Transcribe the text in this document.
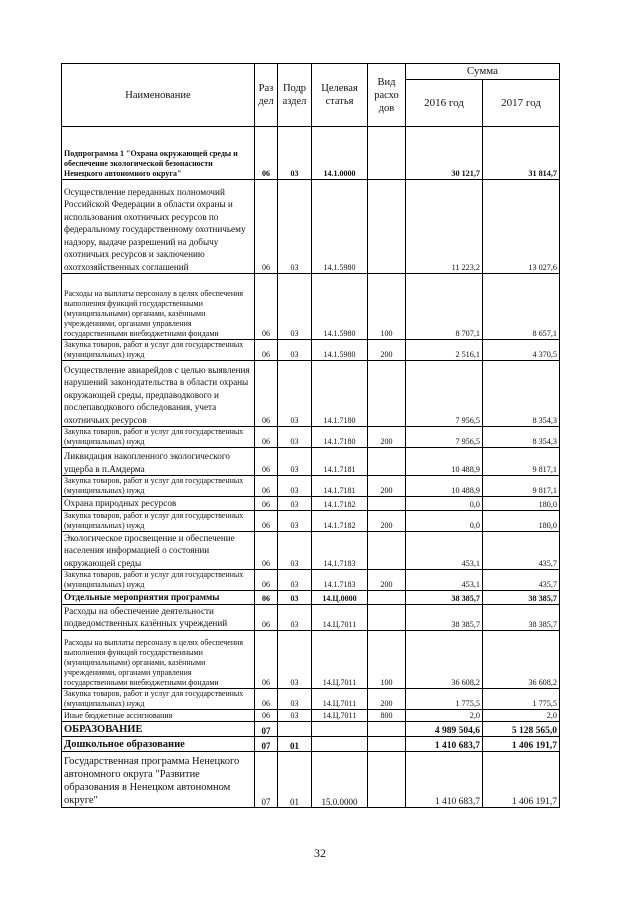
Наименование	Раз дел	Подр аздел	Целевая статья	Вид расхо дов	Сумма	
					2016 год	2017 год
Подпрограмма 1 "Охрана окружающей среды и обеспечение экологической безопасности Ненецкого автономного округа"	06	03	14.1.0000		30 121,7	31 814,7
Осуществление переданных полномочий Российской Федерации в области охраны и использования охотничьих ресурсов по федеральному государственному охотничьему надзору, выдаче разрешений на добычу охотничьих ресурсов и заключению охотхозяйственных соглашений	06	03	14.1.5980		11 223,2	13 027,6
Расходы на выплаты персоналу в целях обеспечения выполнения функций государственными (муниципальными) органами, казёнными учреждениями, органами управления государственными внебюджетными фондами	06	03	14.1.5980	100	8 707,1	8 657,1
Закупка товаров, работ и услуг для государственных (муниципальных) нужд	06	03	14.1.5980	200	2 516,1	4 370,5
Осуществление авиарейдов с целью выявления нарушений законодательства в области охраны окружающей среды, предпаводкового и послепаводкового обследования, учета охотничьих ресурсов	06	03	14.1.7180		7 956,5	8 354,3
Закупка товаров, работ и услуг для государственных (муниципальных) нужд	06	03	14.1.7180	200	7 956,5	8 354,3
Ликвидация накопленного экологического ущерба в п.Амдерма	06	03	14.1.7181		10 488,9	9 817,1
Закупка товаров, работ и услуг для государственных (муниципальных) нужд	06	03	14.1.7181	200	10 488,9	9 817,1
Охрана природных ресурсов	06	03	14.1.7182		0,0	180,0
Закупка товаров, работ и услуг для государственных (муниципальных) нужд	06	03	14.1.7182	200	0,0	180,0
Экологическое просвещение и обеспечение населения информацией о состоянии окружающей среды	06	03	14.1.7183		453,1	435,7
Закупка товаров, работ и услуг для государственных (муниципальных) нужд	06	03	14.1.7183	200	453,1	435,7
Отдельные мероприятия программы	06	03	14.Ц.0000		38 385,7	38 385,7
Расходы на обеспечение деятельности подведомственных казённых учреждений	06	03	14.Ц.7011		38 385,7	38 385,7
Расходы на выплаты персоналу в целях обеспечения выполнения функций государственными (муниципальными) органами, казёнными учреждениями, органами управления государственными внебюджетными фондами	06	03	14.Ц.7011	100	36 608,2	36 608,2
Закупка товаров, работ и услуг для государственных (муниципальных) нужд	06	03	14.Ц.7011	200	1 775,5	1 775,5
Иные бюджетные ассигнования	06	03	14.Ц.7011	800	2,0	2,0
ОБРАЗОВАНИЕ	07				4 989 504,6	5 128 565,0
Дошкольное образование	07	01			1 410 683,7	1 406 191,7
Государственная программа Ненецкого автономного округа "Развитие образования в Ненецком автономном округе"	07	01	15.0.0000		1 410 683,7	1 406 191,7
32
